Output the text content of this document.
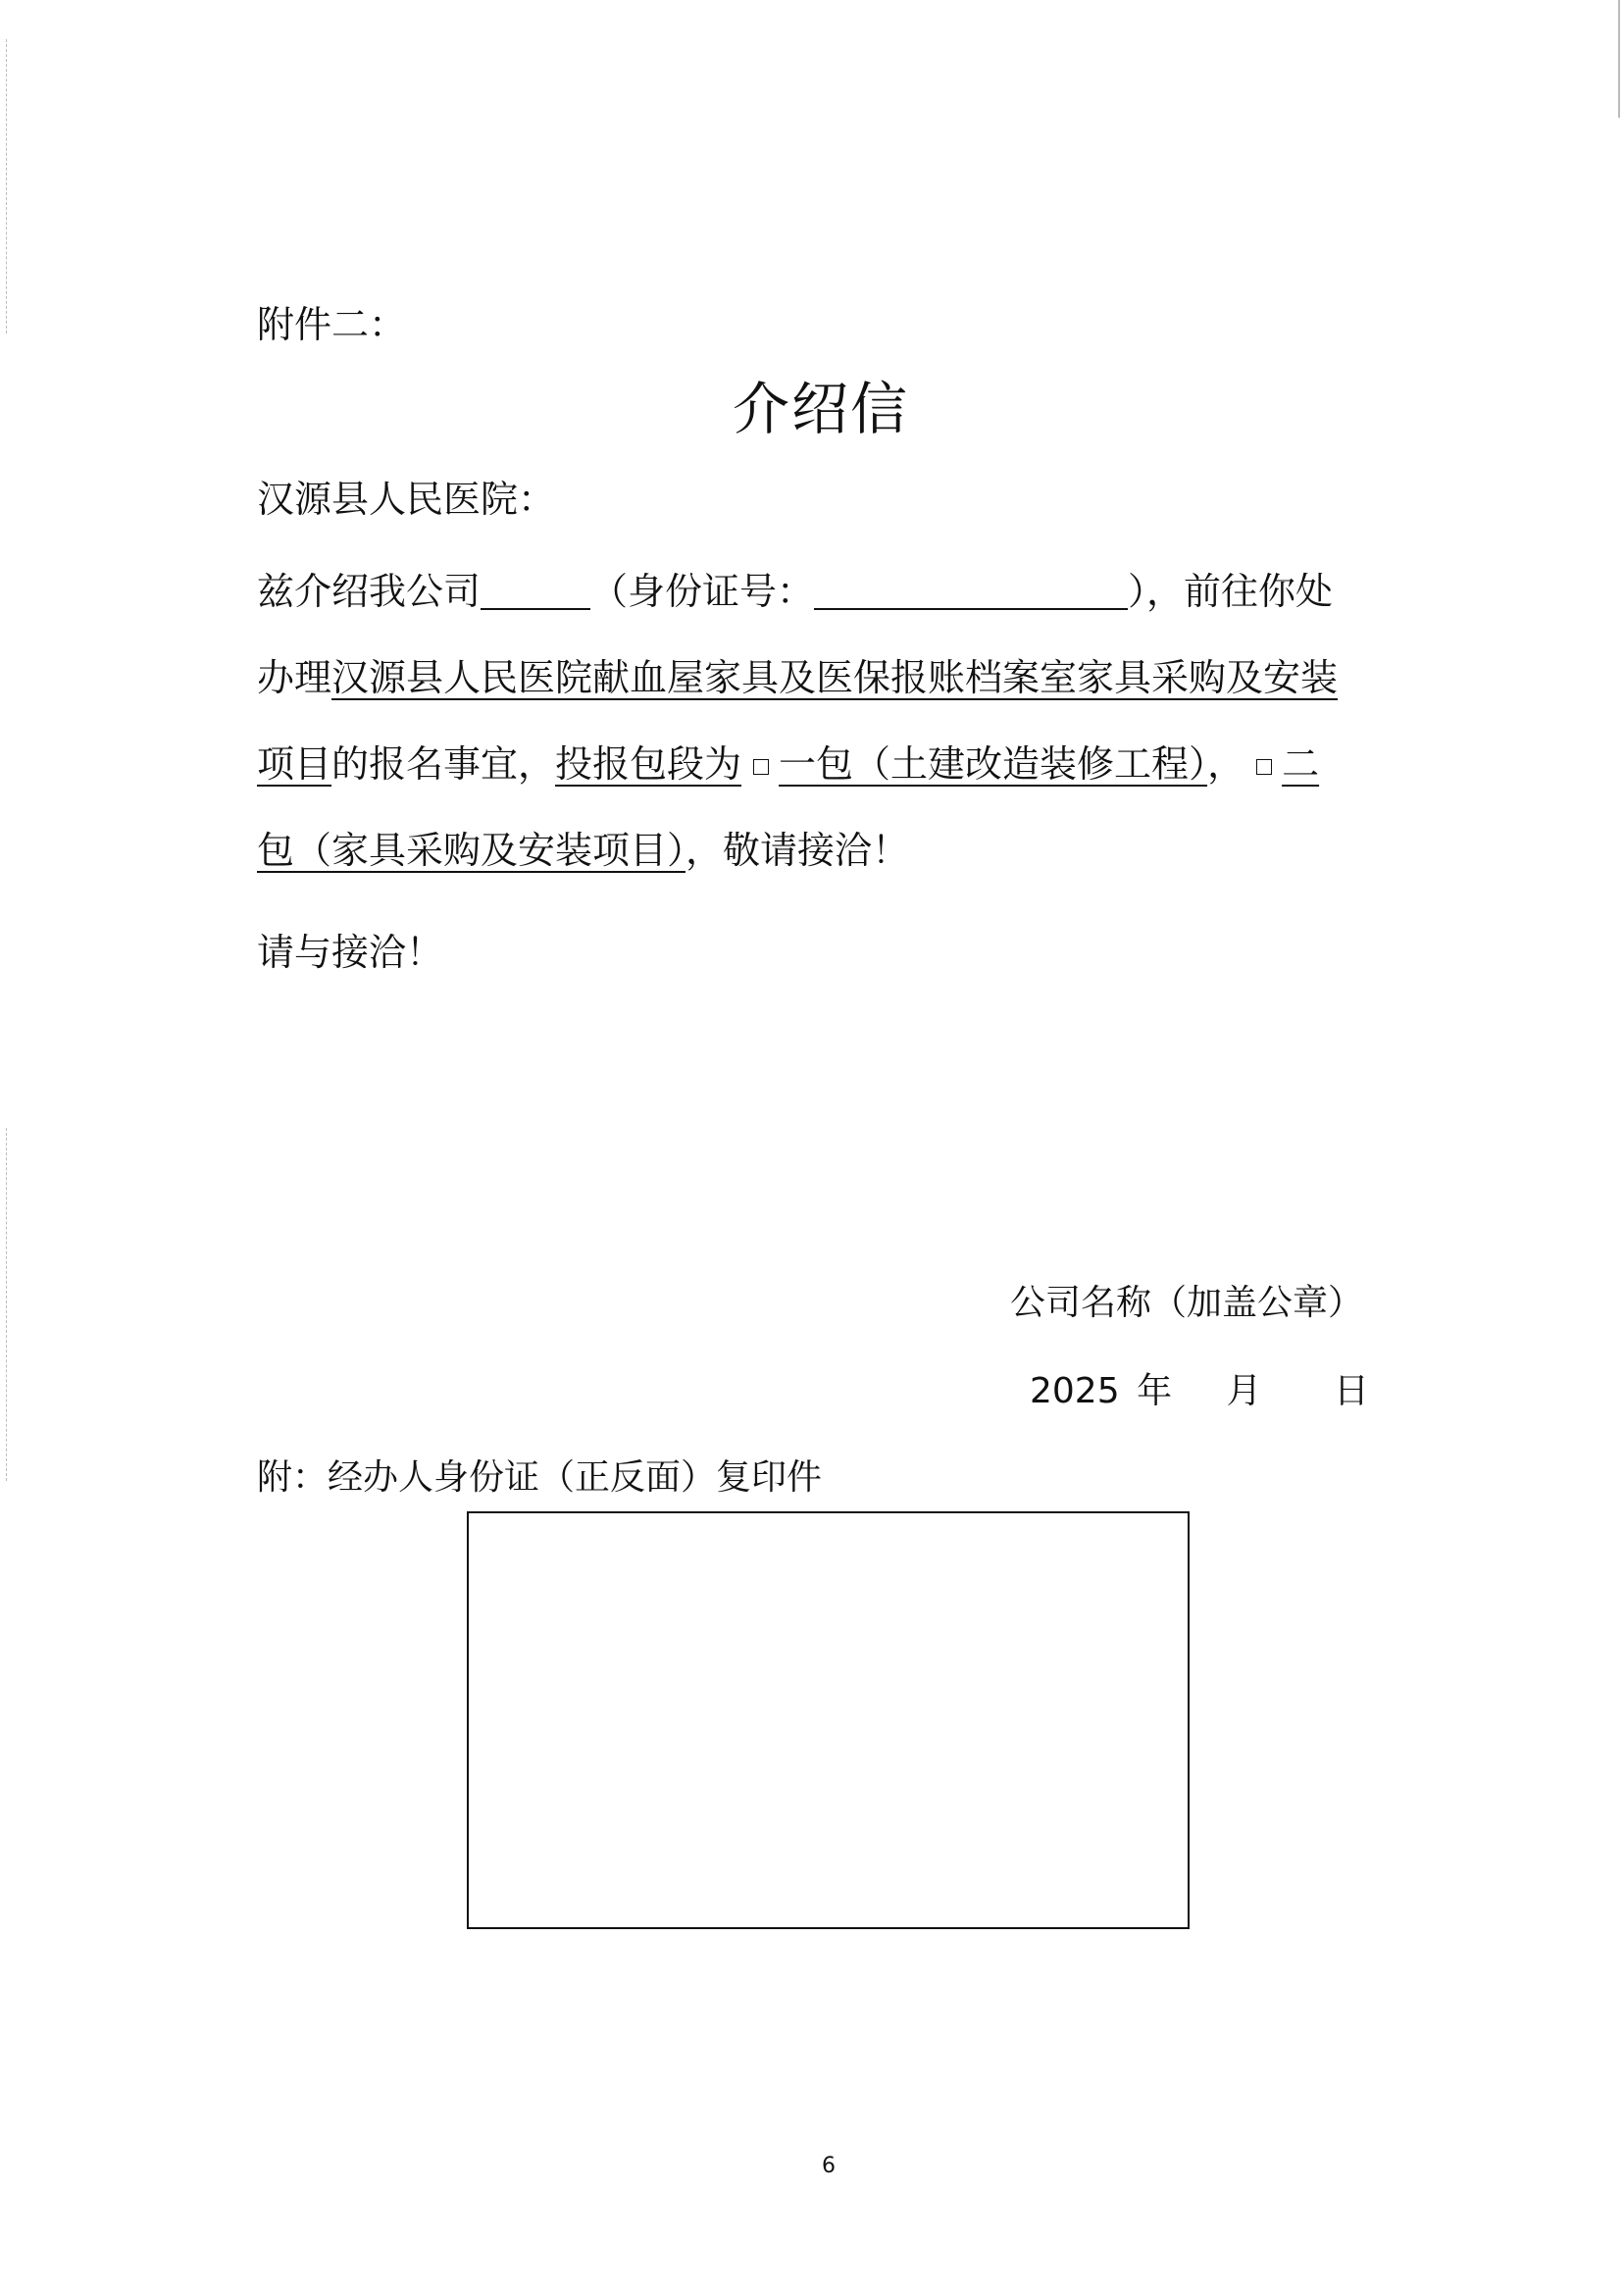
附件二：
介绍信
汉源县人民医院：
兹介绍我公司	（身份证号：	），前往你处
办理汉源县人民医院献血屋家具及医保报账档案室家具采购及安装
项目的报名事宜，投报包段为 一包（土建改造装修工程）， 二
包（家具采购及安装项目），敬请接洽！
请与接洽！
公司名称（加盖公章）
2025 年 月 日
附：经办人身份证（正反面）复印件
6
